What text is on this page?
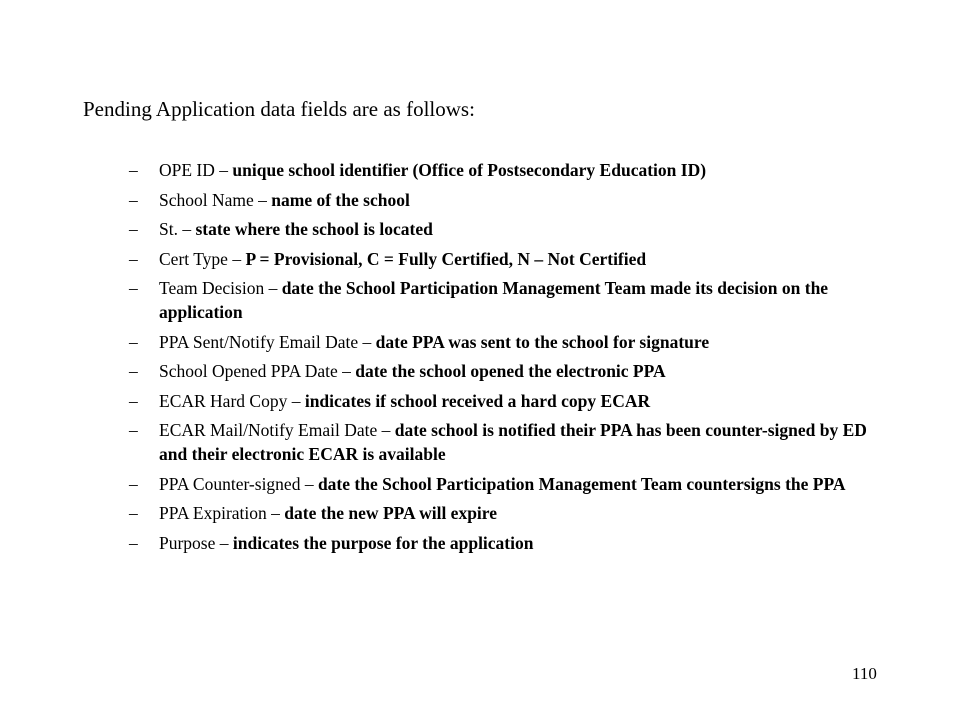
Pending Application data fields are as follows:
– OPE ID – unique school identifier (Office of Postsecondary Education ID)
– School Name – name of the school
– St. – state where the school is located
– Cert Type – P = Provisional, C = Fully Certified, N – Not Certified
– Team Decision – date the School Participation Management Team made its decision on the application
– PPA Sent/Notify Email Date – date PPA was sent to the school for signature
– School Opened PPA Date – date the school opened the electronic PPA
– ECAR Hard Copy – indicates if school received a hard copy ECAR
– ECAR Mail/Notify Email Date – date school is notified their PPA has been counter-signed by ED and their electronic ECAR is available
– PPA Counter-signed – date the School Participation Management Team countersigns the PPA
– PPA Expiration – date the new PPA will expire
– Purpose – indicates the purpose for the application
110
